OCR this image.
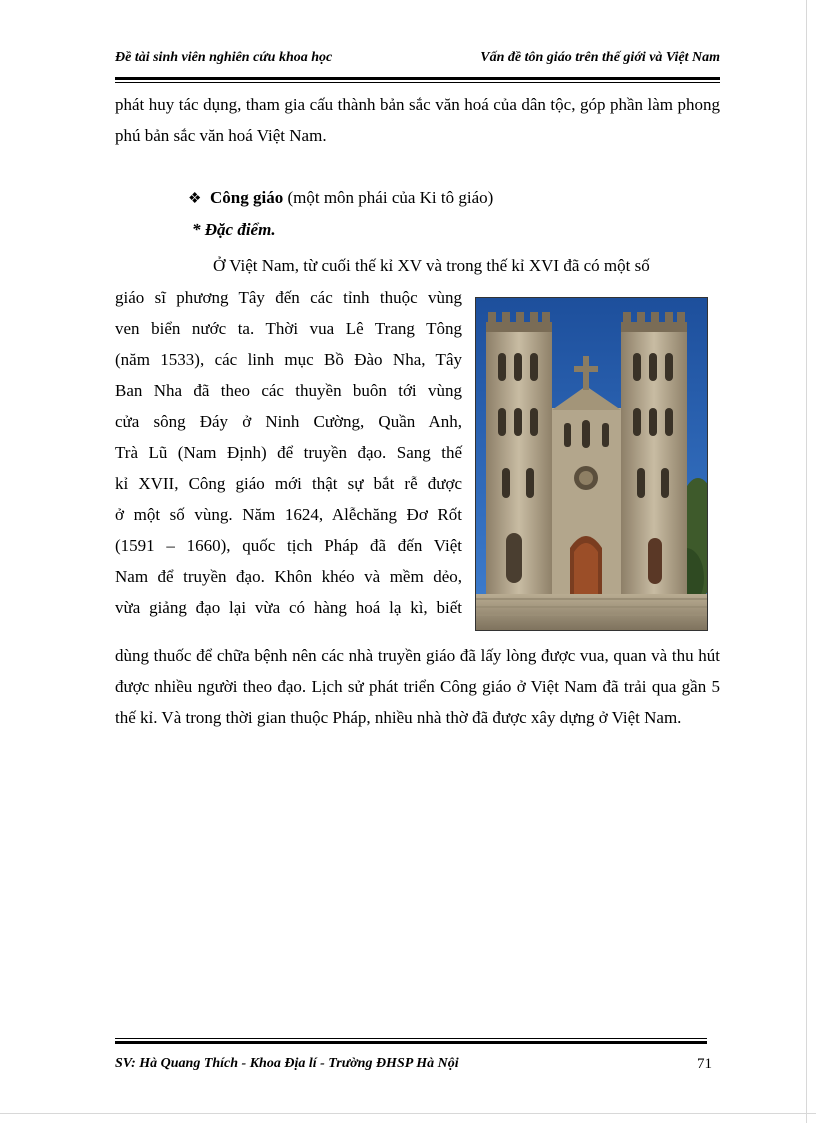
Đề tài sinh viên nghiên cứu khoa học	Vấn đề tôn giáo trên thế giới và Việt Nam
phát huy tác dụng, tham gia cấu thành bản sắc văn hoá của dân tộc, góp phần làm phong phú bản sắc văn hoá Việt Nam.
❖ Công giáo (một môn phái của Ki tô giáo)
* Đặc điểm.
Ở Việt Nam, từ cuối thế kỉ XV và trong thế kỉ XVI đã có một số
giáo sĩ phương Tây đến các tỉnh thuộc vùng
ven biển nước ta. Thời vua Lê Trang Tông
(năm 1533), các linh mục Bồ Đào Nha, Tây
Ban Nha đã theo các thuyền buôn tới vùng
cửa sông Đáy ở Ninh Cường, Quần Anh,
Trà Lũ (Nam Định) để truyền đạo. Sang thế
kỉ XVII, Công giáo mới thật sự bắt rễ được
ở một số vùng. Năm 1624, Alễchăng Đơ Rốt
(1591 – 1660), quốc tịch Pháp đã đến Việt
Nam để truyền đạo. Khôn khéo và mềm dẻo,
vừa giảng đạo lại vừa có hàng hoá lạ kì, biết
dùng thuốc để chữa bệnh nên các nhà truyền giáo đã lấy lòng được vua, quan và thu hút được nhiều người theo đạo. Lịch sử phát triển Công giáo ở Việt Nam đã trải qua gần 5 thế kỉ. Và trong thời gian thuộc Pháp, nhiều nhà thờ đã được xây dựng ở Việt Nam.
SV: Hà Quang Thích - Khoa Địa lí - Trường ĐHSP Hà Nội	71
